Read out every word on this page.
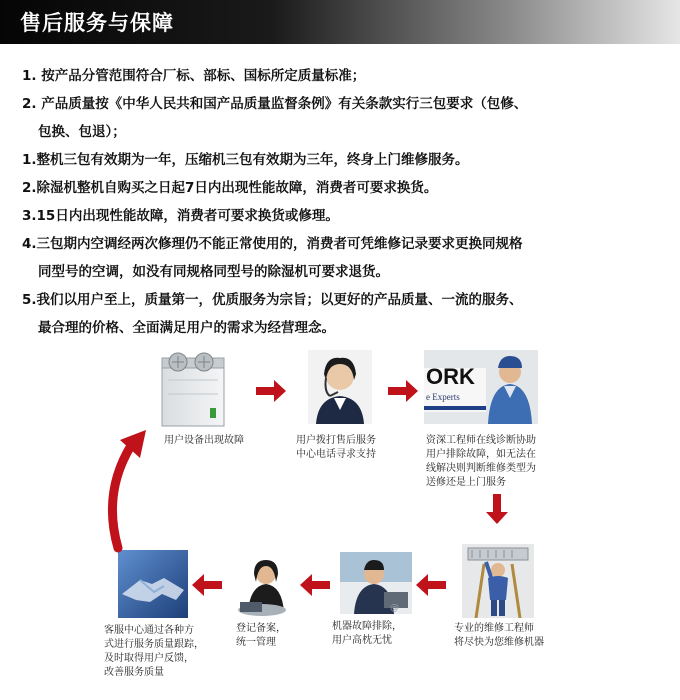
售后服务与保障
1. 按产品分管范围符合厂标、部标、国标所定质量标准；
2. 产品质量按《中华人民共和国产品质量监督条例》有关条款实行三包要求（包修、
包换、包退）；
1.整机三包有效期为一年，压缩机三包有效期为三年，终身上门维修服务。
2.除湿机整机自购买之日起7日内出现性能故障，消费者可要求换货。
3.15日内出现性能故障，消费者可要求换货或修理。
4.三包期内空调经两次修理仍不能正常使用的，消费者可凭维修记录要求更换同规格
同型号的空调，如没有同规格同型号的除湿机可要求退货。
5.我们以用户至上，质量第一，优质服务为宗旨；以更好的产品质量、一流的服务、
最合理的价格、全面满足用户的需求为经营理念。
用户设备出现故障	用户拨打售后服务
中心电话寻求支持
ORK
e Experts
资深工程师在线诊断协助
用户排除故障，如无法在
线解决则判断维修类型为
送修还是上门服务
专业的维修工程师
将尽快为您维修机器
@
机器故障排除，
用户高枕无忧
登记备案，
统一管理
客服中心通过各种方
式进行服务质量跟踪，
及时取得用户反馈，
改善服务质量
